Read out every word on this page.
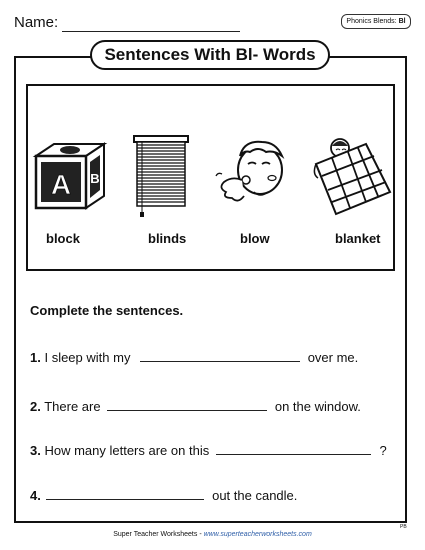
Name:	Phonics Blends: Bl
Sentences With Bl- Words
A B
block	blinds	blow	blanket
Complete the sentences.
1. I sleep with my	over me.
2. There are	on the window.
3. How many letters are on this	?
4.	out the candle.
Super Teacher Worksheets - www.superteacherworksheets.com
PB
